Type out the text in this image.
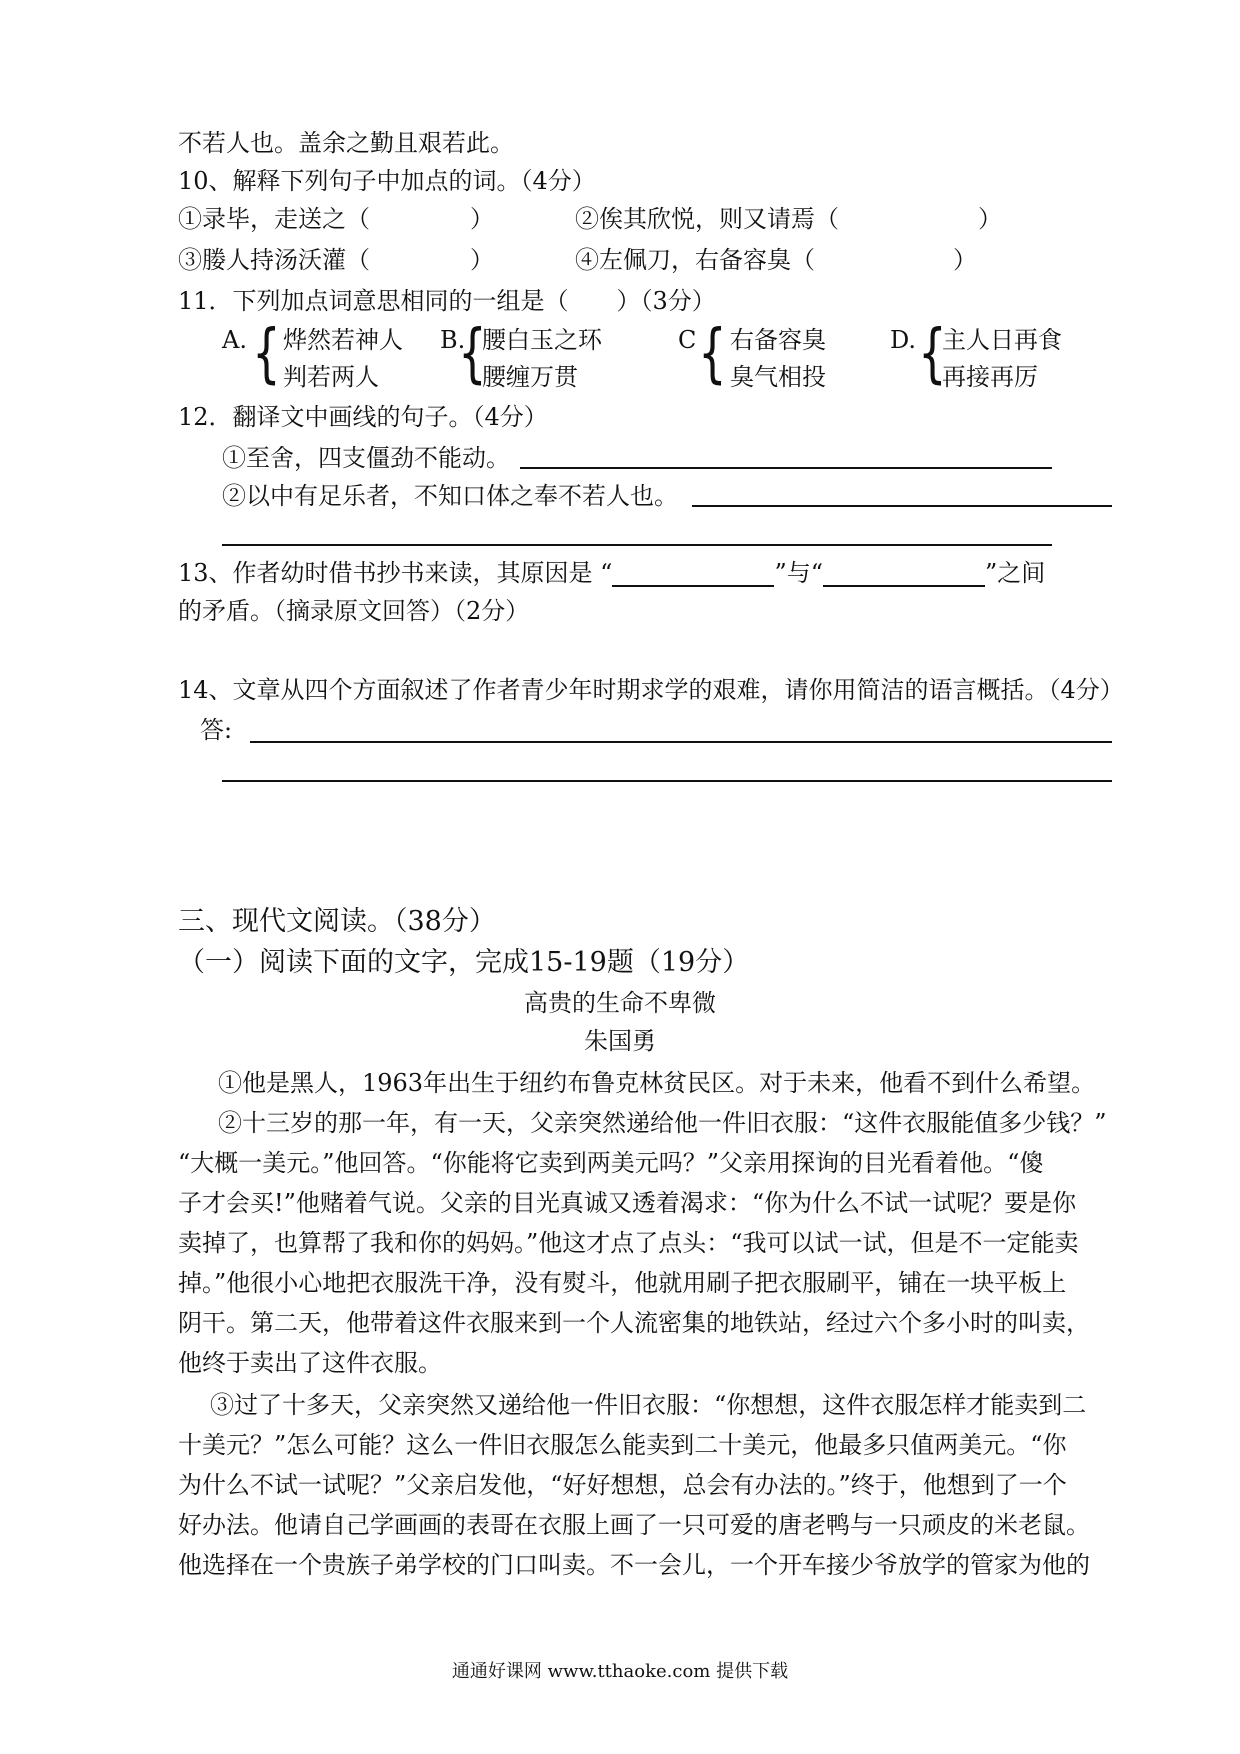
不若人也。盖余之勤且艰若此。
10、解释下列句子中加点的词。（4分）
①录毕，走送之（	）	②俟其欣悦，则又请焉（	）
③媵人持汤沃灌（	）	④左佩刀，右备容臭（	）
11．下列加点词意思相同的一组是（　　）（3分）
A. { 烨然若神人
判若两人
B.
{
腰白玉之环
腰缠万贯
C { 右备容臭
臭气相投
D. {
主人日再食
再接再厉
12．翻译文中画线的句子。（4分）
①至舍，四支僵劲不能动。
②以中有足乐者，不知口体之奉不若人也。
13、作者幼时借书抄书来读，其原因是 “	”与“	”之间
的矛盾。（摘录原文回答）（2分）
14、文章从四个方面叙述了作者青少年时期求学的艰难，请你用简洁的语言概括。（4分）
答:
三、现代文阅读。（38分）
（一）阅读下面的文字，完成15-19题（19分）
高贵的生命不卑微
朱国勇
①他是黑人，1963年出生于纽约布鲁克林贫民区。对于未来，他看不到什么希望。
②十三岁的那一年，有一天，父亲突然递给他一件旧衣服：“这件衣服能值多少钱？”
“大概一美元。”他回答。“你能将它卖到两美元吗？”父亲用探询的目光看着他。“傻
子才会买!”他赌着气说。父亲的目光真诚又透着渴求：“你为什么不试一试呢？要是你
卖掉了，也算帮了我和你的妈妈。”他这才点了点头：“我可以试一试，但是不一定能卖
掉。”他很小心地把衣服洗干净，没有熨斗，他就用刷子把衣服刷平，铺在一块平板上
阴干。第二天，他带着这件衣服来到一个人流密集的地铁站，经过六个多小时的叫卖，
他终于卖出了这件衣服。
③过了十多天，父亲突然又递给他一件旧衣服：“你想想，这件衣服怎样才能卖到二
十美元？”怎么可能？这么一件旧衣服怎么能卖到二十美元，他最多只值两美元。“你
为什么不试一试呢？”父亲启发他，“好好想想，总会有办法的。”终于，他想到了一个
好办法。他请自己学画画的表哥在衣服上画了一只可爱的唐老鸭与一只顽皮的米老鼠。
他选择在一个贵族子弟学校的门口叫卖。不一会儿，一个开车接少爷放学的管家为他的
通通好课网 www.tthaoke.com 提供下载
